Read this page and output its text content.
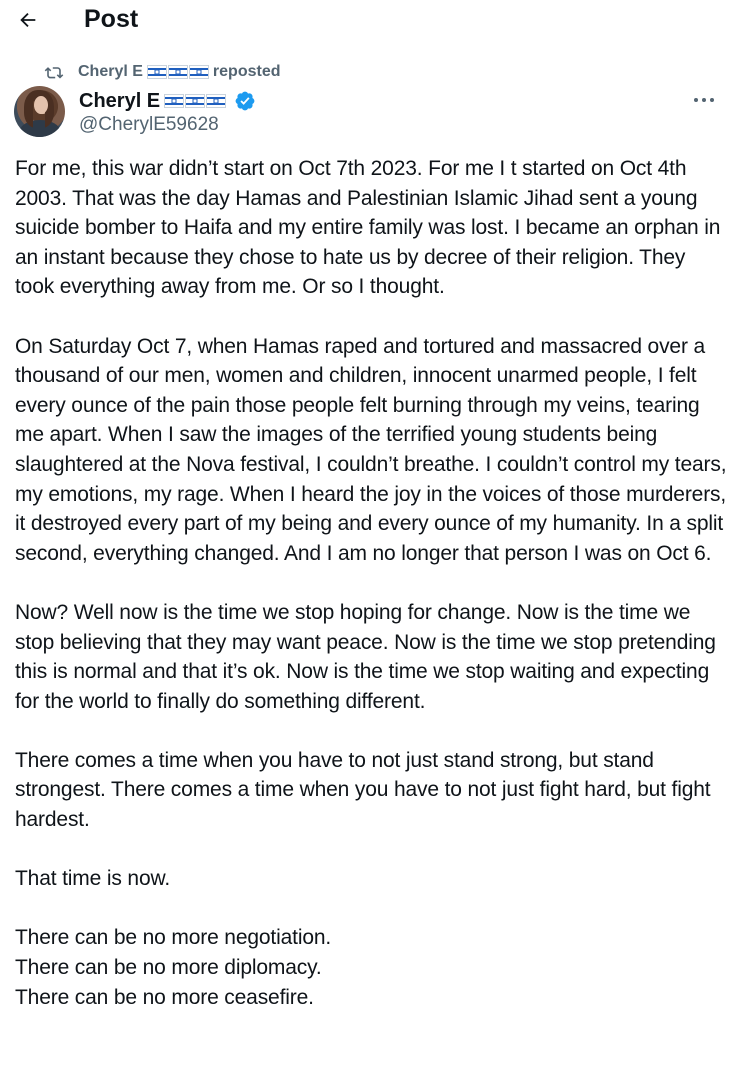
Post
Cheryl E	reposted
Cheryl E
@CherylE59628

For me, this war didn’t start on Oct 7th 2023. For me I t started on Oct 4th 2003. That was the day Hamas and Palestinian Islamic Jihad sent a young suicide bomber to Haifa and my entire family was lost. I became an orphan in an instant because they chose to hate us by decree of their religion. They took everything away from me. Or so I thought.

On Saturday Oct 7, when Hamas raped and tortured and massacred over a thousand of our men, women and children, innocent unarmed people, I felt every ounce of the pain those people felt burning through my veins, tearing me apart. When I saw the images of the terrified young students being slaughtered at the Nova festival, I couldn’t breathe. I couldn’t control my tears, my emotions, my rage. When I heard the joy in the voices of those murderers, it destroyed every part of my being and every ounce of my humanity. In a split second, everything changed. And I am no longer that person I was on Oct 6.

Now? Well now is the time we stop hoping for change. Now is the time we stop believing that they may want peace. Now is the time we stop pretending this is normal and that it’s ok. Now is the time we stop waiting and expecting for the world to finally do something different.

There comes a time when you have to not just stand strong, but stand strongest. There comes a time when you have to not just fight hard, but fight hardest.

That time is now.

There can be no more negotiation.
There can be no more diplomacy.
There can be no more ceasefire.
